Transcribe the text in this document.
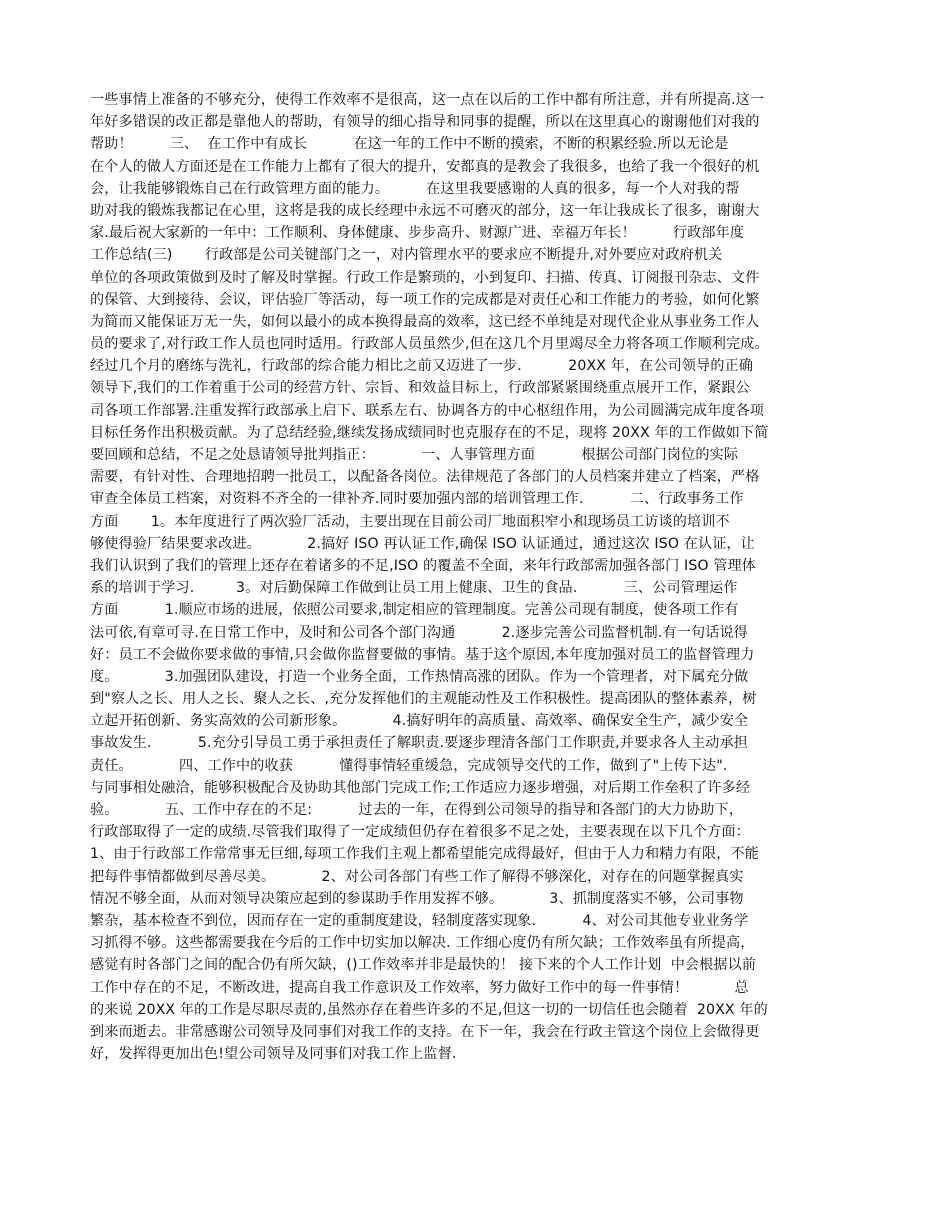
一些事情上准备的不够充分，使得工作效率不是很高，这一点在以后的工作中都有所注意，并有所提高.这一
年好多错误的改正都是靠他人的帮助，有领导的细心指导和同事的提醒，所以在这里真心的谢谢他们对我的
帮助！        三、  在工作中有成长          在这一年的工作中不断的摸索，不断的积累经验.所以无论是
在个人的做人方面还是在工作能力上都有了很大的提升，安都真的是教会了我很多，也给了我一个很好的机
会，让我能够锻炼自己在行政管理方面的能力。        在这里我要感谢的人真的很多，每一个人对我的帮
助对我的锻炼我都记在心里，这将是我的成长经理中永远不可磨灭的部分，这一年让我成长了很多，谢谢大
家.最后祝大家新的一年中：工作顺利、身体健康、步步高升、财源广进、幸福万年长！        行政部年度
工作总结(三)       行政部是公司关键部门之一，对内管理水平的要求应不断提升,对外要应对政府机关
单位的各项政策做到及时了解及时掌握。行政工作是繁琐的，小到复印、扫描、传真、订阅报刊杂志、文件
的保管、大到接待、会议，评估验厂等活动，每一项工作的完成都是对责任心和工作能力的考验，如何化繁
为简而又能保证万无一失，如何以最小的成本换得最高的效率，这已经不单纯是对现代企业从事业务工作人
员的要求了,对行政工作人员也同时适用。行政部人员虽然少,但在这几个月里竭尽全力将各项工作顺利完成。
经过几个月的磨练与洗礼，行政部的综合能力相比之前又迈进了一步.          20XX 年，在公司领导的正确
领导下,我们的工作着重于公司的经营方针、宗旨、和效益目标上，行政部紧紧围绕重点展开工作，紧跟公
司各项工作部署.注重发挥行政部承上启下、联系左右、协调各方的中心枢纽作用，为公司圆满完成年度各项
目标任务作出积极贡献。为了总结经验,继续发扬成绩同时也克服存在的不足，现将 20XX 年的工作做如下简
要回顾和总结，不足之处恳请领导批判指正：          一、人事管理方面          根据公司部门岗位的实际
需要，有针对性、合理地招聘一批员工，以配备各岗位。法律规范了各部门的人员档案并建立了档案，严格
审查全体员工档案，对资料不齐全的一律补齐.同时要加强内部的培训管理工作.          二、行政事务工作
方面       1。本年度进行了两次验厂活动，主要出现在目前公司厂地面积窄小和现场员工访谈的培训不
够使得验厂结果要求改进。          2.搞好 ISO 再认证工作,确保 ISO 认证通过，通过这次 ISO 在认证，让
我们认识到了我们的管理上还存在着诸多的不足,ISO 的覆盖不全面，来年行政部需加强各部门 ISO 管理体
系的培训于学习.         3。对后勤保障工作做到让员工用上健康、卫生的食品.          三、公司管理运作
方面          1.顺应市场的进展，依照公司要求,制定相应的管理制度。完善公司现有制度，使各项工作有
法可依,有章可寻.在日常工作中，及时和公司各个部门沟通          2.逐步完善公司监督机制.有一句话说得
好：员工不会做你要求做的事情,只会做你监督要做的事情。基于这个原因,本年度加强对员工的监督管理力
度。          3.加强团队建设，打造一个业务全面，工作热情高涨的团队。作为一个管理者，对下属充分做
到"察人之长、用人之长、聚人之长、,充分发挥他们的主观能动性及工作积极性。提高团队的整体素养，树
立起开拓创新、务实高效的公司新形象。          4.搞好明年的高质量、高效率、确保安全生产，减少安全
事故发生.          5.充分引导员工勇于承担责任了解职责.要逐步理清各部门工作职责,并要求各人主动承担
责任。          四、工作中的收获          懂得事情轻重缓急，完成领导交代的工作，做到了"上传下达".
与同事相处融洽，能够积极配合及协助其他部门完成工作;工作适应力逐步增强，对后期工作垒积了许多经
验。          五、工作中存在的不足:          过去的一年，在得到公司领导的指导和各部门的大力协助下，
行政部取得了一定的成绩.尽管我们取得了一定成绩但仍存在着很多不足之处，主要表现在以下几个方面：
1、由于行政部工作常常事无巨细,每项工作我们主观上都希望能完成得最好，但由于人力和精力有限，不能
把每件事情都做到尽善尽美。          2、对公司各部门有些工作了解得不够深化，对存在的问题掌握真实
情况不够全面，从而对领导决策应起到的参谋助手作用发挥不够。          3、抓制度落实不够，公司事物
繁杂，基本检查不到位，因而存在一定的重制度建设，轻制度落实现象.          4、对公司其他专业业务学
习抓得不够。这些都需要我在今后的工作中切实加以解决. 工作细心度仍有所欠缺；工作效率虽有所提高，
感觉有时各部门之间的配合仍有所欠缺，()工作效率并非是最快的！ 接下来的个人工作计划  中会根据以前
工作中存在的不足，不断改进，提高自我工作意识及工作效率，努力做好工作中的每一件事情！          总
的来说 20XX 年的工作是尽职尽责的,虽然亦存在着些许多的不足,但这一切的一切信任也会随着  20XX 年的
到来而逝去。非常感谢公司领导及同事们对我工作的支持。在下一年，我会在行政主管这个岗位上会做得更
好，发挥得更加出色!望公司领导及同事们对我工作上监督.
